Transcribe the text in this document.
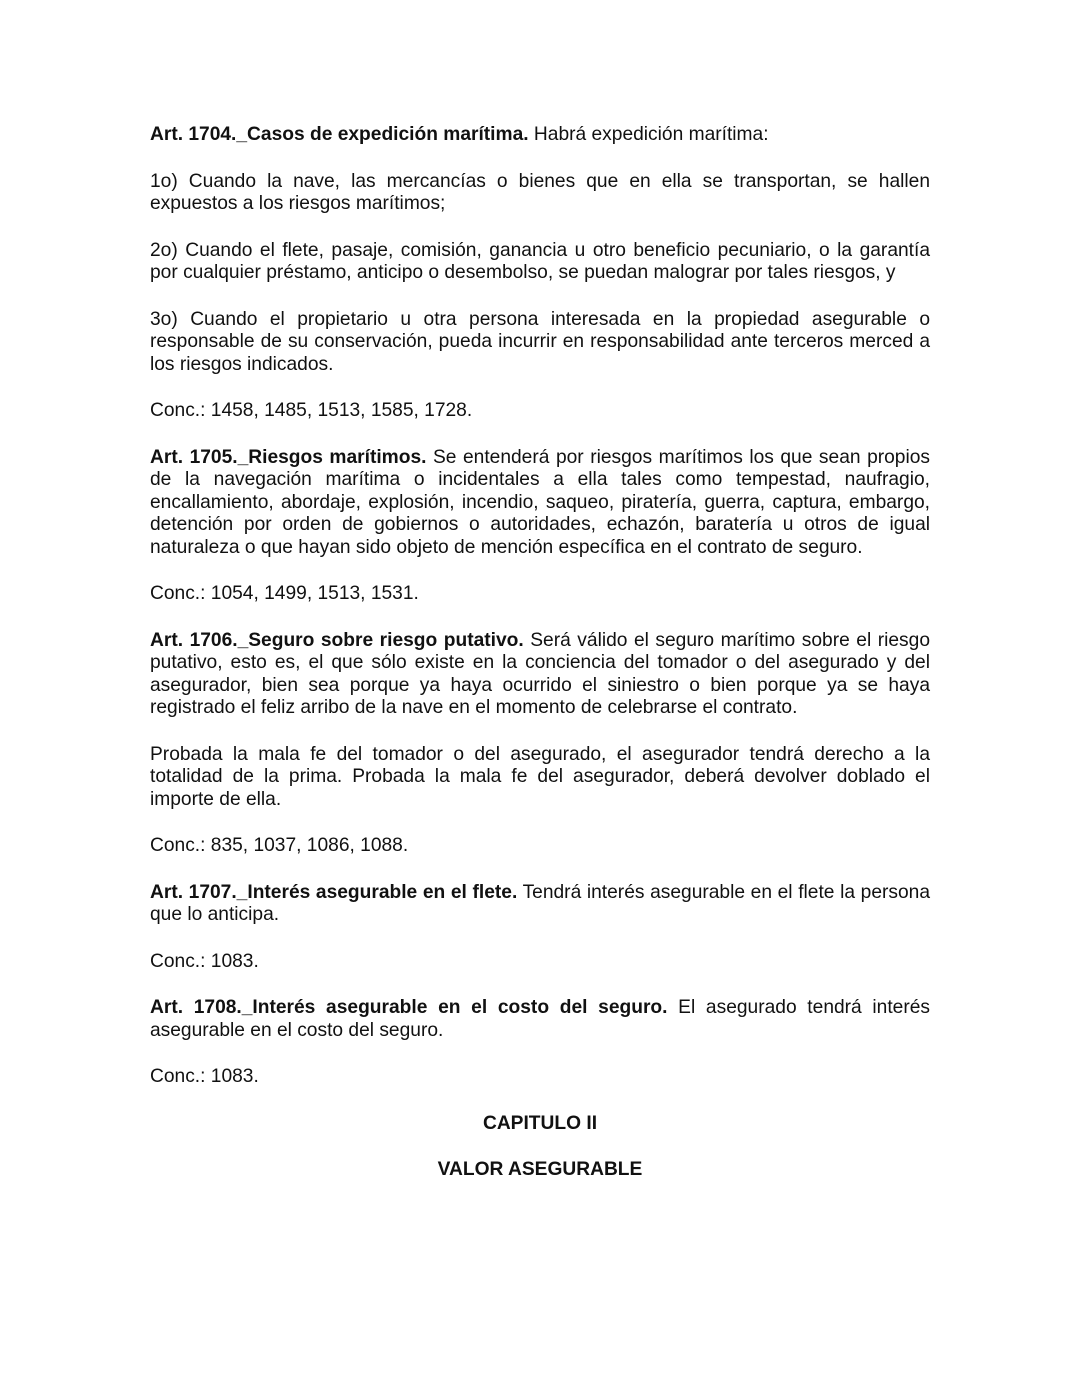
Art. 1704._Casos de expedición marítima. Habrá expedición marítima:

1o) Cuando la nave, las mercancías o bienes que en ella se transportan, se hallen expuestos a los riesgos marítimos;

2o) Cuando el flete, pasaje, comisión, ganancia u otro beneficio pecuniario, o la garantía por cualquier préstamo, anticipo o desembolso, se puedan malograr por tales riesgos, y

3o) Cuando el propietario u otra persona interesada en la propiedad asegurable o responsable de su conservación, pueda incurrir en responsabilidad ante terceros merced a los riesgos indicados.

Conc.: 1458, 1485, 1513, 1585, 1728.

Art. 1705._Riesgos marítimos. Se entenderá por riesgos marítimos los que sean propios de la navegación marítima o incidentales a ella tales como tempestad, naufragio, encallamiento, abordaje, explosión, incendio, saqueo, piratería, guerra, captura, embargo, detención por orden de gobiernos o autoridades, echazón, baratería u otros de igual naturaleza o que hayan sido objeto de mención específica en el contrato de seguro.

Conc.: 1054, 1499, 1513, 1531.

Art. 1706._Seguro sobre riesgo putativo. Será válido el seguro marítimo sobre el riesgo putativo, esto es, el que sólo existe en la conciencia del tomador o del asegurado y del asegurador, bien sea porque ya haya ocurrido el siniestro o bien porque ya se haya registrado el feliz arribo de la nave en el momento de celebrarse el contrato.

Probada la mala fe del tomador o del asegurado, el asegurador tendrá derecho a la totalidad de la prima. Probada la mala fe del asegurador, deberá devolver doblado el importe de ella.

Conc.: 835, 1037, 1086, 1088.

Art. 1707._Interés asegurable en el flete. Tendrá interés asegurable en el flete la persona que lo anticipa.

Conc.: 1083.

Art. 1708._Interés asegurable en el costo del seguro. El asegurado tendrá interés asegurable en el costo del seguro.

Conc.: 1083.

CAPITULO II

VALOR ASEGURABLE
